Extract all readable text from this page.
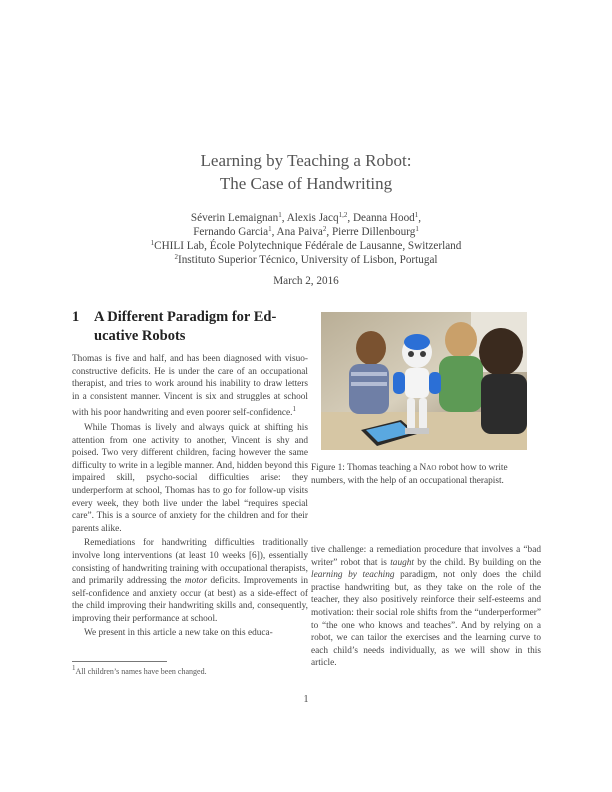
Learning by Teaching a Robot:
The Case of Handwriting
Séverin Lemaignan$^1$, Alexis Jacq$^{1,2}$, Deanna Hood$^1$,
Fernando Garcia$^1$, Ana Paiva$^2$, Pierre Dillenbourg$^1$
$^1$CHILI Lab, École Polytechnique Fédérale de Lausanne, Switzerland
$^2$Instituto Superior Técnico, University of Lisbon, Portugal
March 2, 2016
1 A Different Paradigm for Ed-
ucative Robots

Thomas is five and half, and has been diagnosed with visuo-constructive deficits. He is under the care of an occupational therapist, and tries to work around his inability to draw letters in a consistent manner. Vincent is six and struggles at school with his poor handwriting and even poorer self-confidence.$^1$

While Thomas is lively and always quick at shifting his attention from one activity to another, Vincent is shy and poised. Two very different children, facing however the same difficulty to write in a legible manner. And, hidden beyond this impaired skill, psycho-social difficulties arise: they underperform at school, Thomas has to go for follow-up visits every week, they both live under the label “requires special care”. This is a source of anxiety for the children and for their parents alike.

Remediations for handwriting difficulties traditionally involve long interventions (at least 10 weeks [6]), essentially consisting of handwriting training with occupational therapists, and primarily addressing the motor deficits. Improvements in self-confidence and anxiety occur (at best) as a side-effect of the child improving their handwriting skills and, consequently, improving their performance at school.

We present in this article a new take on this educa-

Figure 1: Thomas teaching a Nao robot how to write numbers, with the help of an occupational therapist.

tive challenge: a remediation procedure that involves a “bad writer” robot that is taught by the child. By building on the learning by teaching paradigm, not only does the child practise handwriting but, as they take on the role of the teacher, they also positively reinforce their self-esteems and motivation: their social role shifts from the “underperformer” to “the one who knows and teaches”. And by relying on a robot, we can tailor the exercises and the learning curve to each child’s needs individually, as we will show in this article.

$^1$All children’s names have been changed.
1
